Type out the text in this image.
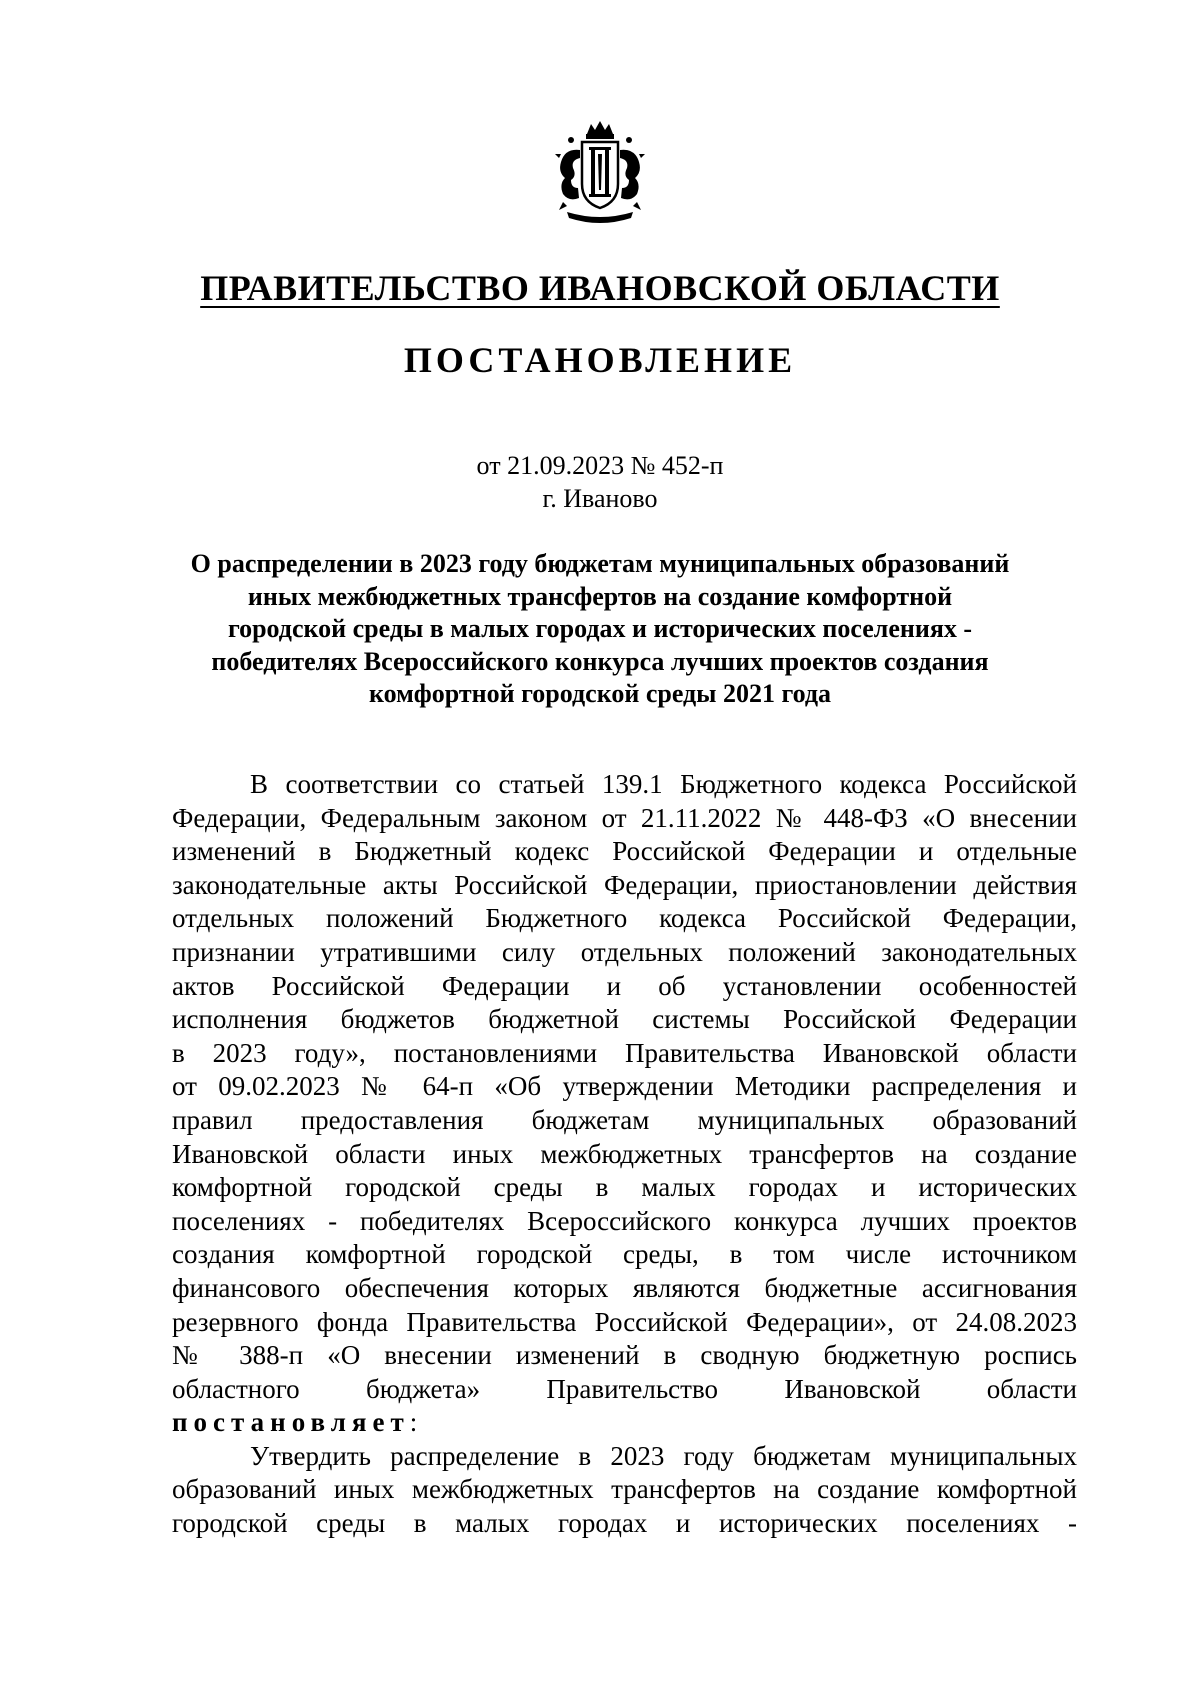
ПРАВИТЕЛЬСТВО ИВАНОВСКОЙ ОБЛАСТИ
ПОСТАНОВЛЕНИЕ
от 21.09.2023 № 452-п
г. Иваново
О распределении в 2023 году бюджетам муниципальных образований
иных межбюджетных трансфертов на создание комфортной
городской среды в малых городах и исторических поселениях -
победителях Всероссийского конкурса лучших проектов создания
комфортной городской среды 2021 года
В соответствии со статьей 139.1 Бюджетного кодекса Российской
Федерации, Федеральным законом от 21.11.2022 № 448-ФЗ «О внесении
изменений в Бюджетный кодекс Российской Федерации и отдельные
законодательные акты Российской Федерации, приостановлении действия
отдельных положений Бюджетного кодекса Российской Федерации,
признании утратившими силу отдельных положений законодательных
актов Российской Федерации и об установлении особенностей
исполнения бюджетов бюджетной системы Российской Федерации
в 2023 году», постановлениями Правительства Ивановской области
от 09.02.2023 № 64-п «Об утверждении Методики распределения и
правил предоставления бюджетам муниципальных образований
Ивановской области иных межбюджетных трансфертов на создание
комфортной городской среды в малых городах и исторических
поселениях - победителях Всероссийского конкурса лучших проектов
создания комфортной городской среды, в том числе источником
финансового обеспечения которых являются бюджетные ассигнования
резервного фонда Правительства Российской Федерации», от 24.08.2023
№ 388-п «О внесении изменений в сводную бюджетную роспись
областного бюджета» Правительство Ивановской области
постановляет:
Утвердить распределение в 2023 году бюджетам муниципальных
образований иных межбюджетных трансфертов на создание комфортной
городской среды в малых городах и исторических поселениях -
